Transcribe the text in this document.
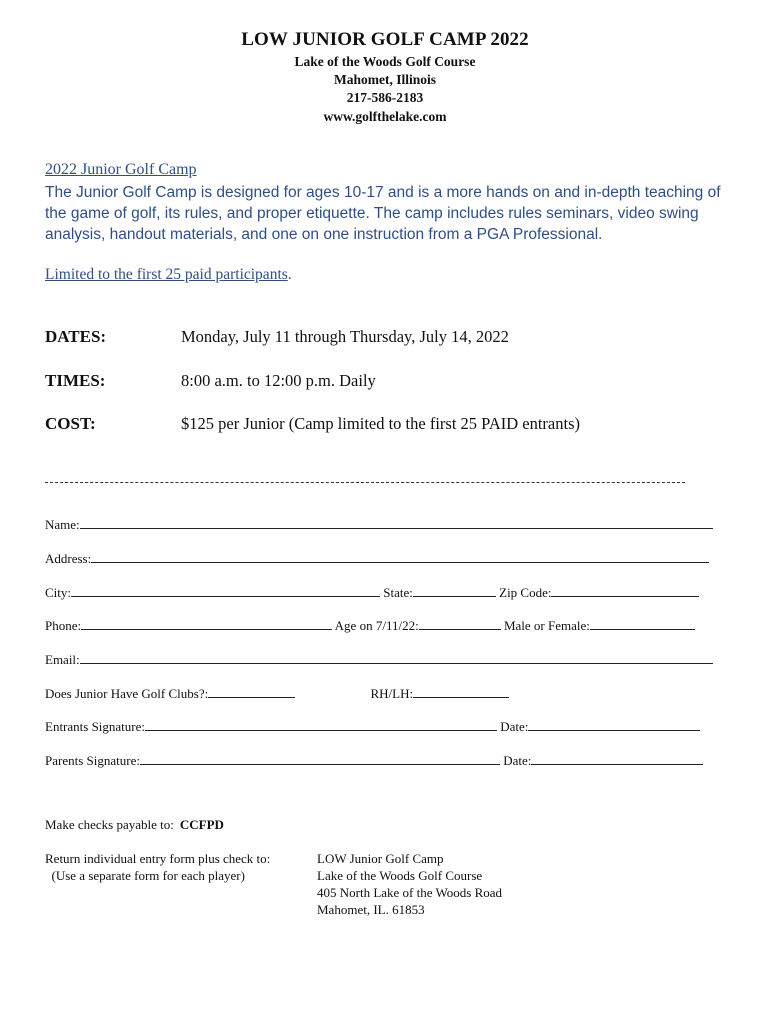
LOW JUNIOR GOLF CAMP 2022
Lake of the Woods Golf Course
Mahomet, Illinois
217-586-2183
www.golfthelake.com
2022 Junior Golf Camp
The Junior Golf Camp is designed for ages 10-17 and is a more hands on and in-depth teaching of the game of golf, its rules, and proper etiquette. The camp includes rules seminars, video swing analysis, handout materials, and one on one instruction from a PGA Professional.
Limited to the first 25 paid participants.
DATES:	Monday, July 11 through Thursday, July 14, 2022
TIMES:	8:00 a.m. to 12:00 p.m. Daily
COST:	$125 per Junior (Camp limited to the first 25 PAID entrants)
Name:
Address:
City:	State:	Zip Code:
Phone:	Age on 7/11/22:	Male or Female:
Email:
Does Junior Have Golf Clubs?:	RH/LH:
Entrants Signature:	Date:
Parents Signature:	Date:
Make checks payable to: CCFPD
Return individual entry form plus check to:
(Use a separate form for each player)
LOW Junior Golf Camp
Lake of the Woods Golf Course
405 North Lake of the Woods Road
Mahomet, IL. 61853
